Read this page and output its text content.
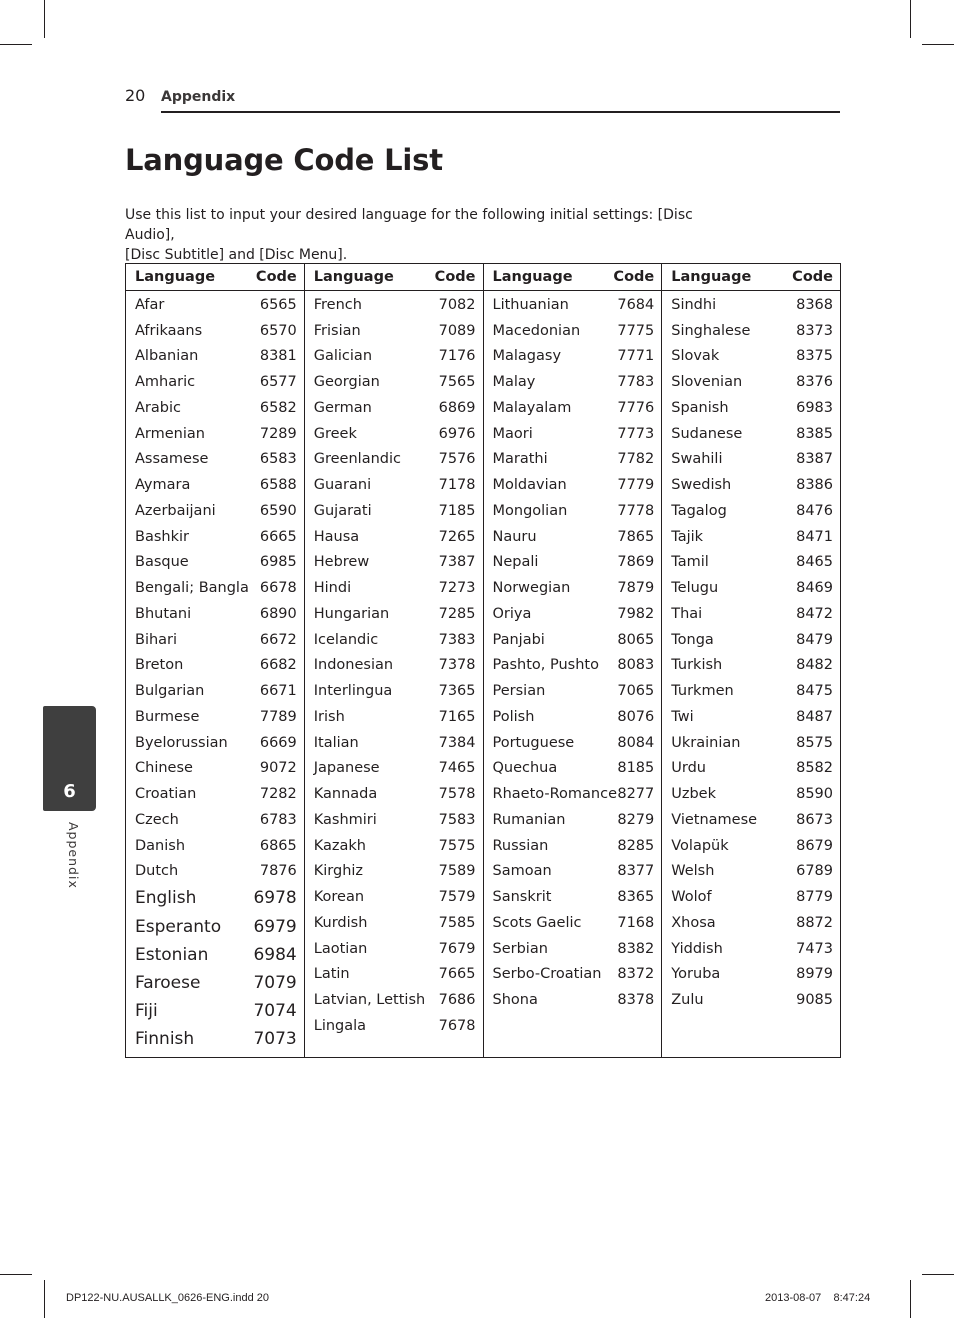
20 Appendix
Language Code List

Use this list to input your desired language for the following initial settings: [Disc Audio],
[Disc Subtitle] and [Disc Menu].

Language	Code
Afar	6565
Afrikaans	6570
Albanian	8381
Amharic	6577
Arabic	6582
Armenian	7289
Assamese	6583
Aymara	6588
Azerbaijani	6590
Bashkir	6665
Basque	6985
Bengali; Bangla 6678
Bhutani	6890
Bihari	6672
Breton	6682
Bulgarian	6671
Burmese	7789
Byelorussian 6669
Chinese	9072
Croatian	7282
Czech	6783
Danish	6865
Dutch	7876
English	6978
Esperanto 6979
Estonian	6984
Faroese	7079
Fiji	7074
Finnish	7073
Language	Code
French	7082
Frisian	7089
Galician	7176
Georgian	7565
German	6869
Greek	6976
Greenlandic	7576
Guarani	7178
Gujarati	7185
Hausa	7265
Hebrew	7387
Hindi	7273
Hungarian	7285
Icelandic	7383
Indonesian	7378
Interlingua	7365
Irish	7165
Italian	7384
Japanese	7465
Kannada	7578
Kashmiri	7583
Kazakh	7575
Kirghiz	7589
Korean	7579
Kurdish	7585
Laotian	7679
Latin	7665
Latvian, Lettish 7686
Lingala	7678
Language	Code
Lithuanian	7684
Macedonian	7775
Malagasy	7771
Malay	7783
Malayalam	7776
Maori	7773
Marathi	7782
Moldavian	7779
Mongolian	7778
Nauru	7865
Nepali	7869
Norwegian	7879
Oriya	7982
Panjabi	8065
Pashto, Pushto 8083
Persian	7065
Polish	8076
Portuguese	8084
Quechua	8185
Rhaeto-Romance 8277
Rumanian	8279
Russian	8285
Samoan	8377
Sanskrit	8365
Scots Gaelic 7168
Serbian	8382
Serbo-Croatian 8372
Shona	8378
Language	Code
Sindhi	8368
Singhalese	8373
Slovak	8375
Slovenian	8376
Spanish	6983
Sudanese	8385
Swahili	8387
Swedish	8386
Tagalog	8476
Tajik	8471
Tamil	8465
Telugu	8469
Thai	8472
Tonga	8479
Turkish	8482
Turkmen	8475
Twi	8487
Ukrainian	8575
Urdu	8582
Uzbek	8590
Vietnamese	8673
Volapük	8679
Welsh	6789
Wolof	8779
Xhosa	8872
Yiddish	7473
Yoruba	8979
Zulu	9085
6
Appendix
DP122-NU.AUSALLK_0626-ENG.indd 20	2013-08-07    8:47:24
